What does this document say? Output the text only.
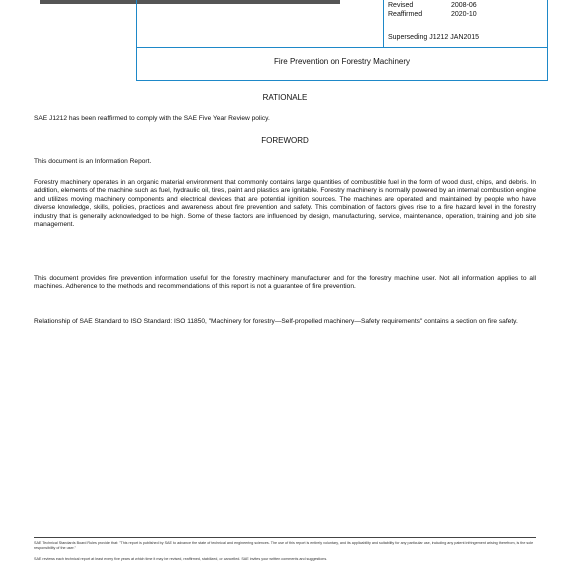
Revised	2008-06
Reaffirmed	2020-10
Superseding J1212 JAN2015
Fire Prevention on Forestry Machinery
RATIONALE
SAE J1212 has been reaffirmed to comply with the SAE Five Year Review policy.
FOREWORD
This document is an Information Report.
Forestry machinery operates in an organic material environment that commonly contains large quantities of combustible fuel in the form of wood dust, chips, and debris. In addition, elements of the machine such as fuel, hydraulic oil, tires, paint and plastics are ignitable. Forestry machinery is normally powered by an internal combustion engine and utilizes moving machinery components and electrical devices that are potential ignition sources. The machines are operated and maintained by people who have diverse knowledge, skills, policies, practices and awareness about fire prevention and safety. This combination of factors gives rise to a fire hazard level in the forestry industry that is generally acknowledged to be high. Some of these factors are influenced by design, manufacturing, service, maintenance, operation, training and job site management.
This document provides fire prevention information useful for the forestry machinery manufacturer and for the forestry machine user. Not all information applies to all machines. Adherence to the methods and recommendations of this report is not a guarantee of fire prevention.
Relationship of SAE Standard to ISO Standard: ISO 11850, "Machinery for forestry—Self-propelled machinery—Safety requirements" contains a section on fire safety.
SAE Technical Standards Board Rules provide that: "This report is published by SAE to advance the state of technical and engineering sciences. The use of this report is entirely voluntary, and its applicability and suitability for any particular use, including any patent infringement arising therefrom, is the sole responsibility of the user."
SAE reviews each technical report at least every five years at which time it may be revised, reaffirmed, stabilized, or cancelled. SAE invites your written comments and suggestions.
